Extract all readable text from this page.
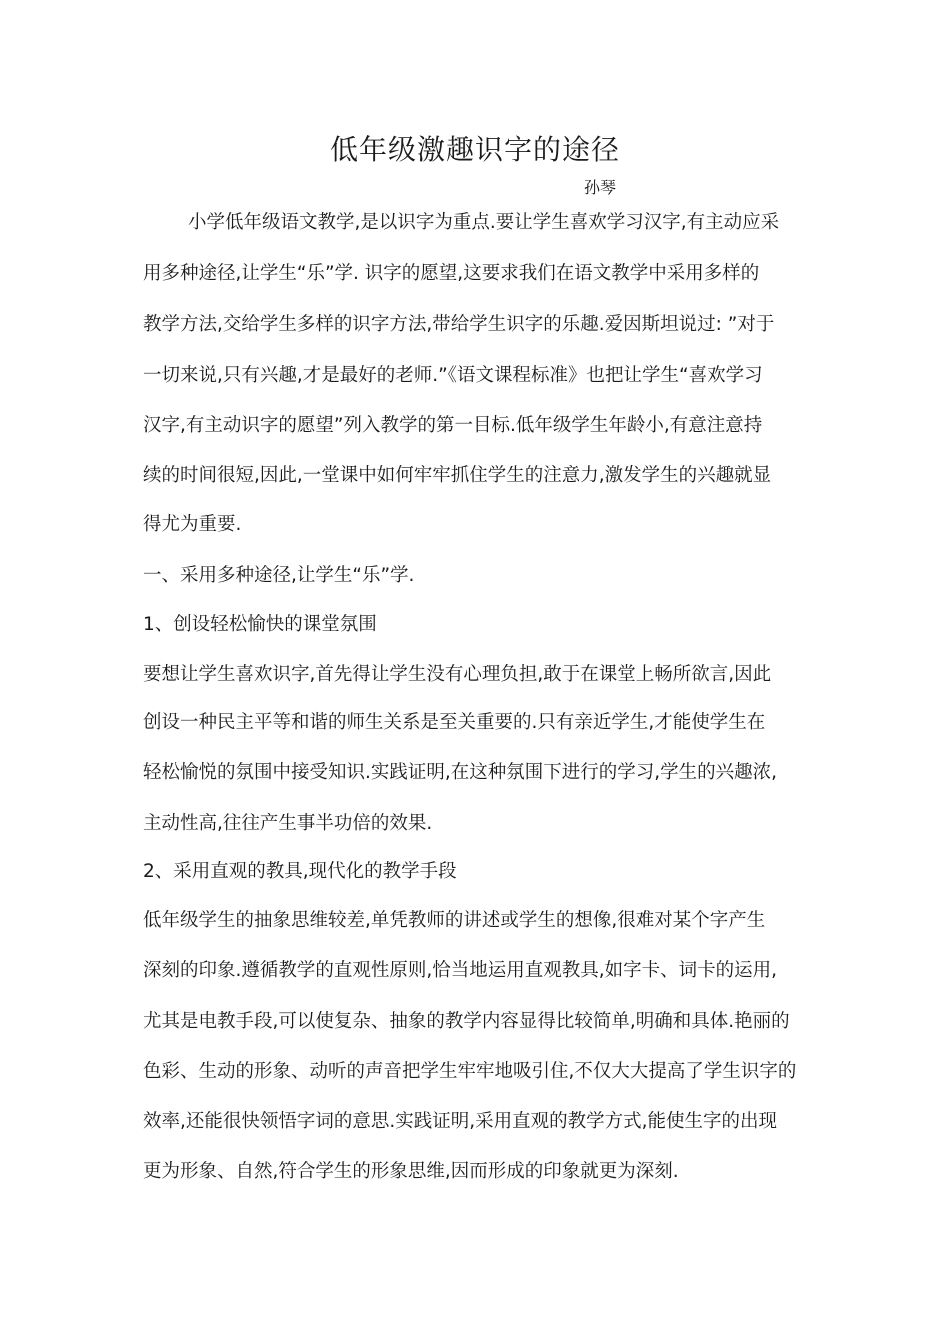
低年级激趣识字的途径
孙琴
小学低年级语文教学,是以识字为重点.要让学生喜欢学习汉字,有主动应采
用多种途径,让学生“乐”学. 识字的愿望,这要求我们在语文教学中采用多样的
教学方法,交给学生多样的识字方法,带给学生识字的乐趣.爱因斯坦说过: ”对于
一切来说,只有兴趣,才是最好的老师.”《语文课程标准》也把让学生“喜欢学习
汉字,有主动识字的愿望”列入教学的第一目标.低年级学生年龄小,有意注意持
续的时间很短,因此,一堂课中如何牢牢抓住学生的注意力,激发学生的兴趣就显
得尤为重要.
一、采用多种途径,让学生“乐”学.
1、创设轻松愉快的课堂氛围
要想让学生喜欢识字,首先得让学生没有心理负担,敢于在课堂上畅所欲言,因此
创设一种民主平等和谐的师生关系是至关重要的.只有亲近学生,才能使学生在
轻松愉悦的氛围中接受知识.实践证明,在这种氛围下进行的学习,学生的兴趣浓,
主动性高,往往产生事半功倍的效果.
2、采用直观的教具,现代化的教学手段
低年级学生的抽象思维较差,单凭教师的讲述或学生的想像,很难对某个字产生
深刻的印象.遵循教学的直观性原则,恰当地运用直观教具,如字卡、词卡的运用,
尤其是电教手段,可以使复杂、抽象的教学内容显得比较简单,明确和具体.艳丽的
色彩、生动的形象、动听的声音把学生牢牢地吸引住,不仅大大提高了学生识字的
效率,还能很快领悟字词的意思.实践证明,采用直观的教学方式,能使生字的出现
更为形象、自然,符合学生的形象思维,因而形成的印象就更为深刻.
